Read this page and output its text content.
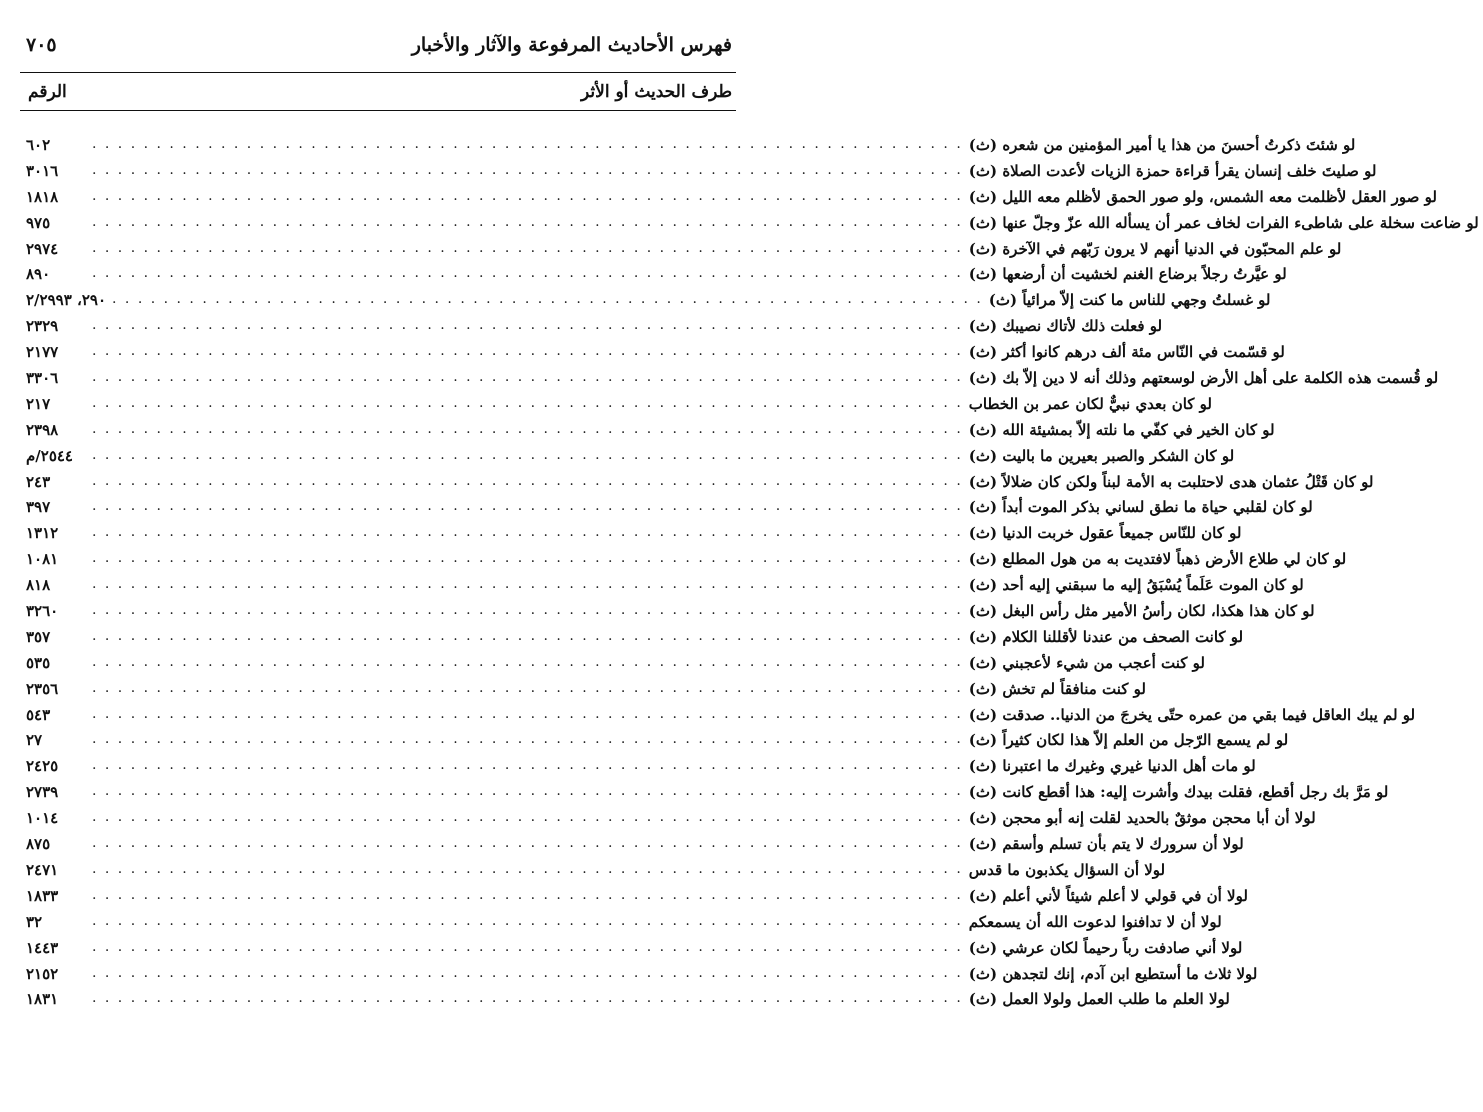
٧٠٥	فهرس الأحاديث المرفوعة والآثار والأخبار
الرقم	طرف الحديث أو الأثر
٦٠٢	. . . . . . . . . . . . . . . . . . . . . . . . . . . . . . . . . . . . . . . . . . . . . . . . . . . . . . . . . . . . . . . . . . . . لو شئتَ ذكرتُ أحسنَ من هذا يا أمير المؤمنين من شعره (ث)
٣٠١٦	. . . . . . . . . . . . . . . . . . . . . . . . . . . . . . . . . . . . . . . . . . . . . . . . . . . . . . . . . . . . . . . . . . . . لو صليتَ خلف إنسان يقرأ قراءة حمزة الزيات لأعدت الصلاة (ث)
١٨١٨	. . . . . . . . . . . . . . . . . . . . . . . . . . . . . . . . . . . . . . . . . . . . . . . . . . . . . . . . . . . . . . . . . . . . لو صور العقل لأظلمت معه الشمس، ولو صور الحمق لأظلم معه الليل (ث)
٩٧٥	. . . . . . . . . . . . . . . . . . . . . . . . . . . . . . . . . . . . . . . . . . . . . . . . . . . . . . . . . . . . . . . . . . . . لو ضاعت سخلة على شاطىء الفرات لخاف عمر أن يسأله الله عزّ وجلّ عنها (ث)
٢٩٧٤	. . . . . . . . . . . . . . . . . . . . . . . . . . . . . . . . . . . . . . . . . . . . . . . . . . . . . . . . . . . . . . . . . . . . لو علم المحبّون في الدنيا أنهم لا يرون رَبّهم في الآخرة (ث)
٨٩٠	. . . . . . . . . . . . . . . . . . . . . . . . . . . . . . . . . . . . . . . . . . . . . . . . . . . . . . . . . . . . . . . . . . . . لو عيَّرتُ رجلاً برضاع الغنم لخشيت أن أرضعها (ث)
٢٩٠، ٢/٢٩٩٣ . . . . . . . . . . . . . . . . . . . . . . . . . . . . . . . . . . . . . . . . . . . . . . . . . . . . . . . . . . . . . . . . . . . . لو غسلتُ وجهي للناس ما كنت إلاّ مرائياً (ث)
٢٣٢٩	. . . . . . . . . . . . . . . . . . . . . . . . . . . . . . . . . . . . . . . . . . . . . . . . . . . . . . . . . . . . . . . . . . . . لو فعلت ذلك لأتاك نصيبك (ث)
٢١٧٧	. . . . . . . . . . . . . . . . . . . . . . . . . . . . . . . . . . . . . . . . . . . . . . . . . . . . . . . . . . . . . . . . . . . . لو قسّمت في النّاس مئة ألف درهم كانوا أكثر (ث)
٣٣٠٦	. . . . . . . . . . . . . . . . . . . . . . . . . . . . . . . . . . . . . . . . . . . . . . . . . . . . . . . . . . . . . . . . . . . . لو قُسمت هذه الكلمة على أهل الأرض لوسعتهم وذلك أنه لا دين إلاّ بك (ث)
٢١٧	. . . . . . . . . . . . . . . . . . . . . . . . . . . . . . . . . . . . . . . . . . . . . . . . . . . . . . . . . . . . . . . . . . . . لو كان بعدي نبيٌّ لكان عمر بن الخطاب
٢٣٩٨	. . . . . . . . . . . . . . . . . . . . . . . . . . . . . . . . . . . . . . . . . . . . . . . . . . . . . . . . . . . . . . . . . . . . لو كان الخير في كفّي ما نلته إلاّ بمشيئة الله (ث)
٢٥٤٤/م	. . . . . . . . . . . . . . . . . . . . . . . . . . . . . . . . . . . . . . . . . . . . . . . . . . . . . . . . . . . . . . . . . . . . لو كان الشكر والصبر بعيرين ما باليت (ث)
٢٤٣	. . . . . . . . . . . . . . . . . . . . . . . . . . . . . . . . . . . . . . . . . . . . . . . . . . . . . . . . . . . . . . . . . . . . لو كان قَتْلُ عثمان هدى لاحتلبت به الأمة لبناً ولكن كان ضلالاً (ث)
٣٩٧	. . . . . . . . . . . . . . . . . . . . . . . . . . . . . . . . . . . . . . . . . . . . . . . . . . . . . . . . . . . . . . . . . . . . لو كان لقلبي حياة ما نطق لساني بذكر الموت أبداً (ث)
١٣١٢	. . . . . . . . . . . . . . . . . . . . . . . . . . . . . . . . . . . . . . . . . . . . . . . . . . . . . . . . . . . . . . . . . . . . لو كان للنّاس جميعاً عقول خربت الدنيا (ث)
١٠٨١	. . . . . . . . . . . . . . . . . . . . . . . . . . . . . . . . . . . . . . . . . . . . . . . . . . . . . . . . . . . . . . . . . . . . لو كان لي طلاع الأرض ذهباً لافتديت به من هول المطلع (ث)
٨١٨	. . . . . . . . . . . . . . . . . . . . . . . . . . . . . . . . . . . . . . . . . . . . . . . . . . . . . . . . . . . . . . . . . . . . لو كان الموت عَلَماً يُسْبَقُ إليه ما سبقني إليه أحد (ث)
٣٢٦٠	. . . . . . . . . . . . . . . . . . . . . . . . . . . . . . . . . . . . . . . . . . . . . . . . . . . . . . . . . . . . . . . . . . . . لو كان هذا هكذا، لكان رأسُ الأمير مثل رأس البغل (ث)
٣٥٧	. . . . . . . . . . . . . . . . . . . . . . . . . . . . . . . . . . . . . . . . . . . . . . . . . . . . . . . . . . . . . . . . . . . . لو كانت الصحف من عندنا لأقللنا الكلام (ث)
٥٣٥	. . . . . . . . . . . . . . . . . . . . . . . . . . . . . . . . . . . . . . . . . . . . . . . . . . . . . . . . . . . . . . . . . . . . لو كنت أعجب من شيء لأعجبني (ث)
٢٣٥٦	. . . . . . . . . . . . . . . . . . . . . . . . . . . . . . . . . . . . . . . . . . . . . . . . . . . . . . . . . . . . . . . . . . . . لو كنت منافقاً لم تخش (ث)
٥٤٣	. . . . . . . . . . . . . . . . . . . . . . . . . . . . . . . . . . . . . . . . . . . . . . . . . . . . . . . . . . . . . . . . . . . . لو لم يبك العاقل فيما بقي من عمره حتّى يخرجَ من الدنيا.. صدقت (ث)
٢٧	. . . . . . . . . . . . . . . . . . . . . . . . . . . . . . . . . . . . . . . . . . . . . . . . . . . . . . . . . . . . . . . . . . . . لو لم يسمع الرّجل من العلم إلاّ هذا لكان كثيراً (ث)
٢٤٢٥	. . . . . . . . . . . . . . . . . . . . . . . . . . . . . . . . . . . . . . . . . . . . . . . . . . . . . . . . . . . . . . . . . . . . لو مات أهل الدنيا غيري وغيرك ما اعتبرنا (ث)
٢٧٣٩	. . . . . . . . . . . . . . . . . . . . . . . . . . . . . . . . . . . . . . . . . . . . . . . . . . . . . . . . . . . . . . . . . . . . لو مَرَّ بك رجل أقطع، فقلت بيدك وأشرت إليه: هذا أقطع كانت (ث)
١٠١٤	. . . . . . . . . . . . . . . . . . . . . . . . . . . . . . . . . . . . . . . . . . . . . . . . . . . . . . . . . . . . . . . . . . . . لولا أن أبا محجن موثقٌ بالحديد لقلت إنه أبو محجن (ث)
٨٧٥	. . . . . . . . . . . . . . . . . . . . . . . . . . . . . . . . . . . . . . . . . . . . . . . . . . . . . . . . . . . . . . . . . . . . لولا أن سرورك لا يتم بأن تسلم وأسقم (ث)
٢٤٧١	. . . . . . . . . . . . . . . . . . . . . . . . . . . . . . . . . . . . . . . . . . . . . . . . . . . . . . . . . . . . . . . . . . . . لولا أن السؤال يكذبون ما قدس
١٨٣٣	. . . . . . . . . . . . . . . . . . . . . . . . . . . . . . . . . . . . . . . . . . . . . . . . . . . . . . . . . . . . . . . . . . . . لولا أن في قولي لا أعلم شيئاً لأني أعلم (ث)
٣٢	. . . . . . . . . . . . . . . . . . . . . . . . . . . . . . . . . . . . . . . . . . . . . . . . . . . . . . . . . . . . . . . . . . . . لولا أن لا تدافنوا لدعوت الله أن يسمعكم
١٤٤٣	. . . . . . . . . . . . . . . . . . . . . . . . . . . . . . . . . . . . . . . . . . . . . . . . . . . . . . . . . . . . . . . . . . . . لولا أني صادفت رباً رحيماً لكان عرشي (ث)
٢١٥٢	. . . . . . . . . . . . . . . . . . . . . . . . . . . . . . . . . . . . . . . . . . . . . . . . . . . . . . . . . . . . . . . . . . . . لولا ثلاث ما أستطيع ابن آدم، إنك لتجدهن (ث)
١٨٣١	. . . . . . . . . . . . . . . . . . . . . . . . . . . . . . . . . . . . . . . . . . . . . . . . . . . . . . . . . . . . . . . . . . . . لولا العلم ما طلب العمل ولولا العمل (ث)
